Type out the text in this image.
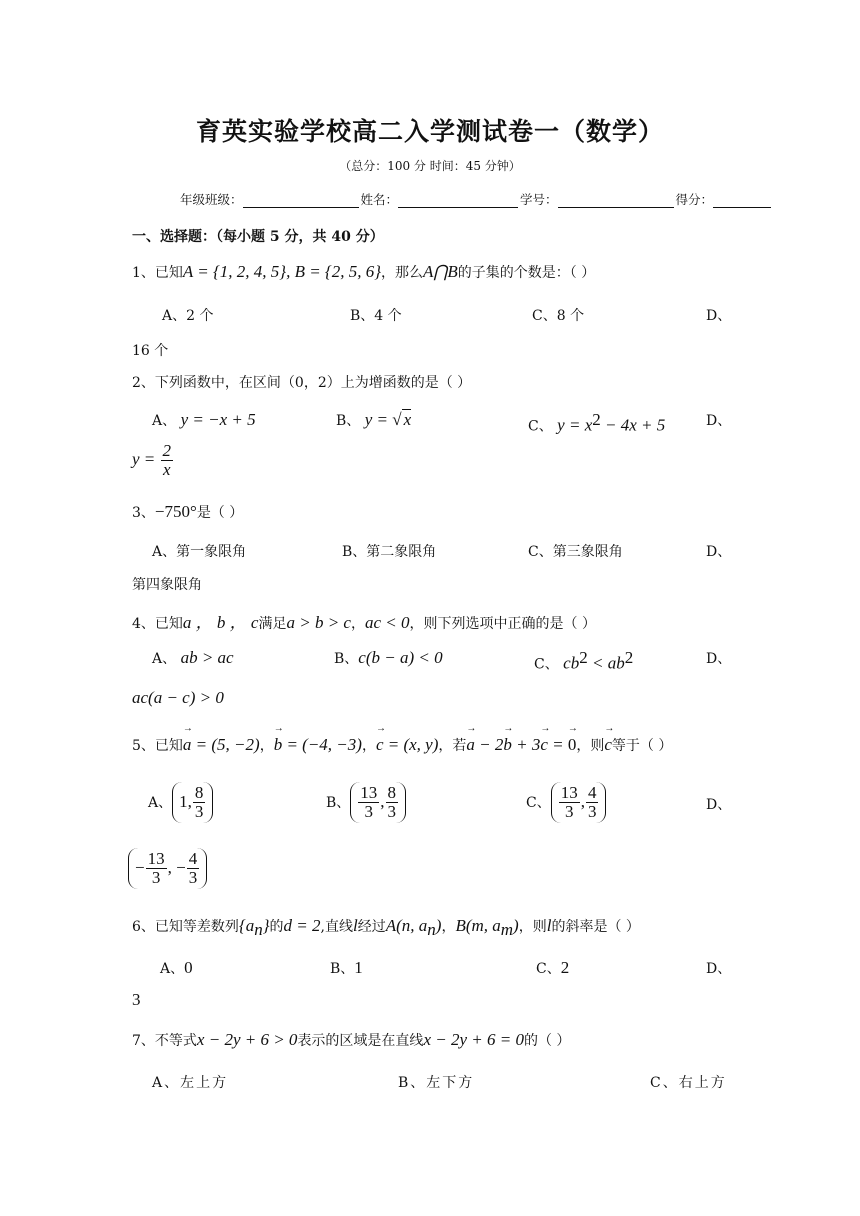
育英实验学校高二入学测试卷一（数学）
（总分：100 分 时间：45 分钟）
年级班级：	姓名：	学号：	得分：
一、选择题：（每小题 5 分，共 40 分）
1、已知A = {1, 2, 4, 5}, B = {2, 5, 6}，那么A⋂B的子集的个数是：（ ）
A、2 个	B、4 个	C、8 个	D、
16 个
2、下列函数中，在区间（0，2）上为增函数的是（ ）
A、 y = −x + 5	B、 y = √ x	C、 $y = x^2 - 4x + 5$	D、
$y = \frac{2}{x}$
3、−750°是（ ）
A、第一象限角	B、第二象限角	C、第三象限角	D、
第四象限角
4、已知a ， b ， c满足a > b > c，ac < 0，则下列选项中正确的是（ ）
A、 ab > ac	B、c(b − a) < 0	C、 $cb^2 < ab^2$	D、
ac(a − c) > 0
5、已知→ a = (5, −2)，→ b = (−4, −3)，→ c = (x, y)，若→ a − 2→ b + 3→ c = → 0，则→ c等于（ ）
A、 1, $\frac{8}{3}$	B、 $\frac{13}{3}$ , $\frac{8}{3}$	C、 $\frac{13}{3}$ , $\frac{4}{3}$	D、
− $\frac{13}{3}$ , − $\frac{4}{3}$
6、已知等差数列$\{a_n\}$的d = 2,直线l经过A(n, $a_n$)，B(m, $a_m$)，则l的斜率是（ ）
A、0	B、1	C、2	D、
3
7、不等式x − 2y + 6 > 0表示的区域是在直线x − 2y + 6 = 0的（ ）
A、左上方	B、左下方	C、右上方
